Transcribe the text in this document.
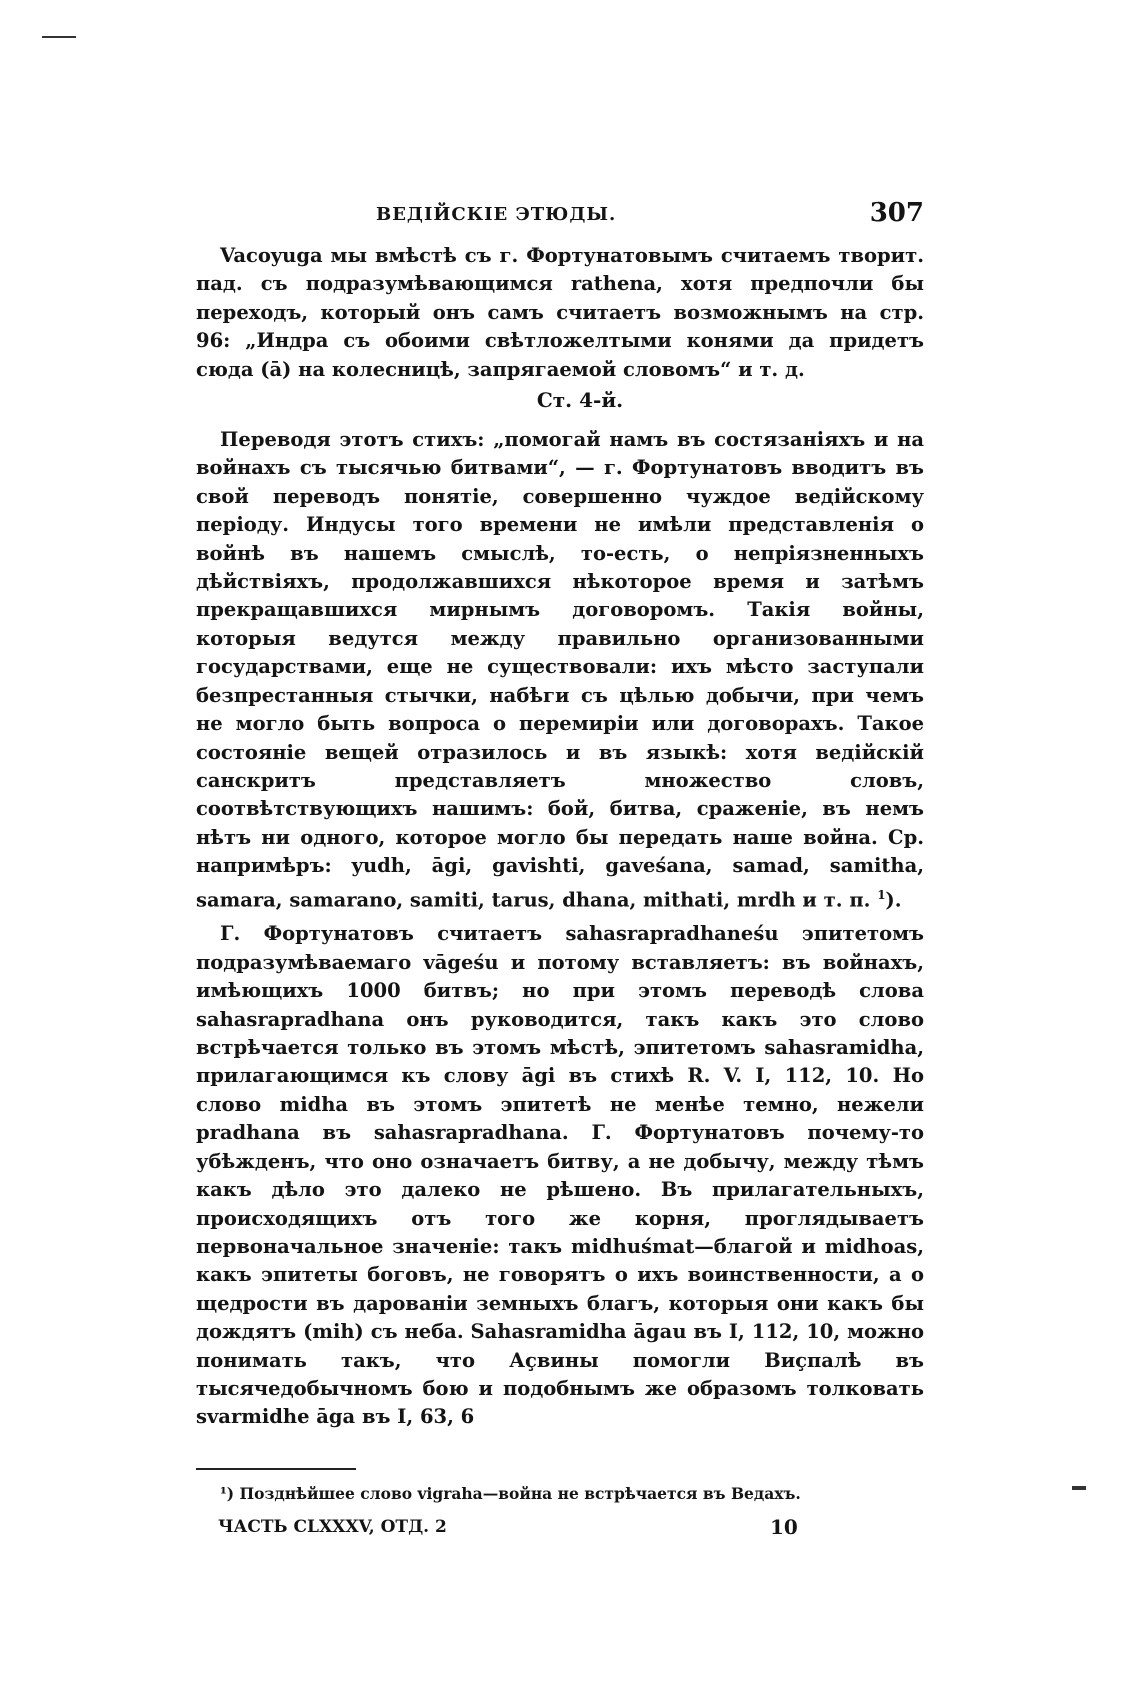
ВЕДІЙСКІЕ ЭТЮДЫ.	307

Vacoyuga мы вмѣстѣ съ г. Фортунатовымъ считаемъ творит. пад. съ подразумѣвающимся rathena, хотя предпочли бы переходъ, который онъ самъ считаетъ возможнымъ на стр. 96: „Индра съ обоими свѣтложелтыми конями да придетъ сюда (ā) на колесницѣ, запрягаемой словомъ“ и т. д.

Ст. 4-й.

Переводя этотъ стихъ: „помогай намъ въ состязаніяхъ и на войнахъ съ тысячью битвами“, — г. Фортунатовъ вводитъ въ свой переводъ понятіе, совершенно чуждое ведійскому періоду. Индусы того времени не имѣли представленія о войнѣ въ нашемъ смыслѣ, то-есть, о непріязненныхъ дѣйствіяхъ, продолжавшихся нѣкоторое время и затѣмъ прекращавшихся мирнымъ договоромъ. Такія войны, которыя ведутся между правильно организованными государствами, еще не существовали: ихъ мѣсто заступали безпрестанныя стычки, набѣги съ цѣлью добычи, при чемъ не могло быть вопроса о перемиріи или договорахъ. Такое состояніе вещей отразилось и въ языкѣ: хотя ведійскій санскритъ представляетъ множество словъ, соотвѣтствующихъ нашимъ: бой, битва, сраженіе, въ немъ нѣтъ ни одного, которое могло бы передать наше война. Ср. напримѣръ: yudh, āgi, gavishti, gaveśana, samad, samitha, samara, samarano, samiti, tarus, dhana, mithati, mrdh и т. п. $^1$).

Г. Фортунатовъ считаетъ sahasrapradhaneśu эпитетомъ подразумѣваемаго vāgeśu и потому вставляетъ: въ войнахъ, имѣющихъ 1000 битвъ; но при этомъ переводѣ слова sahasrapradhana онъ руководится, такъ какъ это слово встрѣчается только въ этомъ мѣстѣ, эпитетомъ sahasramidha, прилагающимся къ слову āgi въ стихѣ R. V. I, 112, 10. Но слово midha въ этомъ эпитетѣ не менѣе темно, нежели pradhana въ sahasrapradhana. Г. Фортунатовъ почему-то убѣжденъ, что оно означаетъ битву, а не добычу, между тѣмъ какъ дѣло это далеко не рѣшено. Въ прилагательныхъ, происходящихъ отъ того же корня, проглядываетъ первоначальное значеніе: такъ midhuśmat—благой и midhoas, какъ эпитеты боговъ, не говорятъ о ихъ воинственности, а о щедрости въ дарованіи земныхъ благъ, которыя они какъ бы дождятъ (mih) съ неба. Sahasramidha āgau въ I, 112, 10, можно понимать такъ, что Аçвины помогли Виçпалѣ въ тысячедобычномъ бою и подобнымъ же образомъ толковать svarmidhe āga въ I, 63, 6

¹) Позднѣйшее слово vigraha—война не встрѣчается въ Ведахъ.

ЧАСТЬ CLXXXV, ОТД. 2	10
